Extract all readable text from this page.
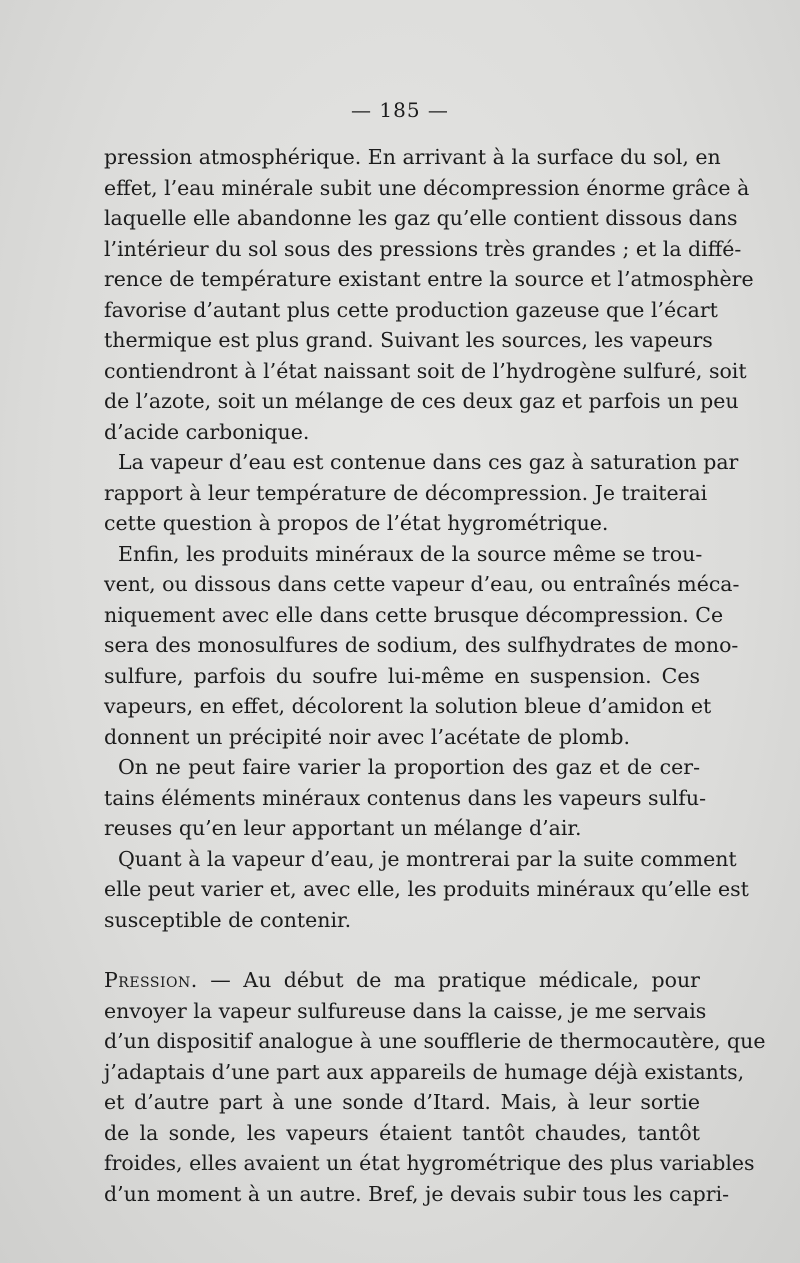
— 185 —
pression atmosphérique. En arrivant à la surface du sol, en
effet, l’eau minérale subit une décompression énorme grâce à
laquelle elle abandonne les gaz qu’elle contient dissous dans
l’intérieur du sol sous des pressions très grandes ; et la diffé-
rence de température existant entre la source et l’atmosphère
favorise d’autant plus cette production gazeuse que l’écart
thermique est plus grand. Suivant les sources, les vapeurs
contiendront à l’état naissant soit de l’hydrogène sulfuré, soit
de l’azote, soit un mélange de ces deux gaz et parfois un peu
d’acide carbonique.
La vapeur d’eau est contenue dans ces gaz à saturation par
rapport à leur température de décompression. Je traiterai
cette question à propos de l’état hygrométrique.
Enfin, les produits minéraux de la source même se trou-
vent, ou dissous dans cette vapeur d’eau, ou entraînés méca-
niquement avec elle dans cette brusque décompression. Ce
sera des monosulfures de sodium, des sulfhydrates de mono-
sulfure, parfois du soufre lui-même en suspension. Ces
vapeurs, en effet, décolorent la solution bleue d’amidon et
donnent un précipité noir avec l’acétate de plomb.
On ne peut faire varier la proportion des gaz et de cer-
tains éléments minéraux contenus dans les vapeurs sulfu-
reuses qu’en leur apportant un mélange d’air.
Quant à la vapeur d’eau, je montrerai par la suite comment
elle peut varier et, avec elle, les produits minéraux qu’elle est
susceptible de contenir.
Pression. — Au début de ma pratique médicale, pour
envoyer la vapeur sulfureuse dans la caisse, je me servais
d’un dispositif analogue à une soufflerie de thermocautère, que
j’adaptais d’une part aux appareils de humage déjà existants,
et d’autre part à une sonde d’Itard. Mais, à leur sortie
de la sonde, les vapeurs étaient tantôt chaudes, tantôt
froides, elles avaient un état hygrométrique des plus variables
d’un moment à un autre. Bref, je devais subir tous les capri-
